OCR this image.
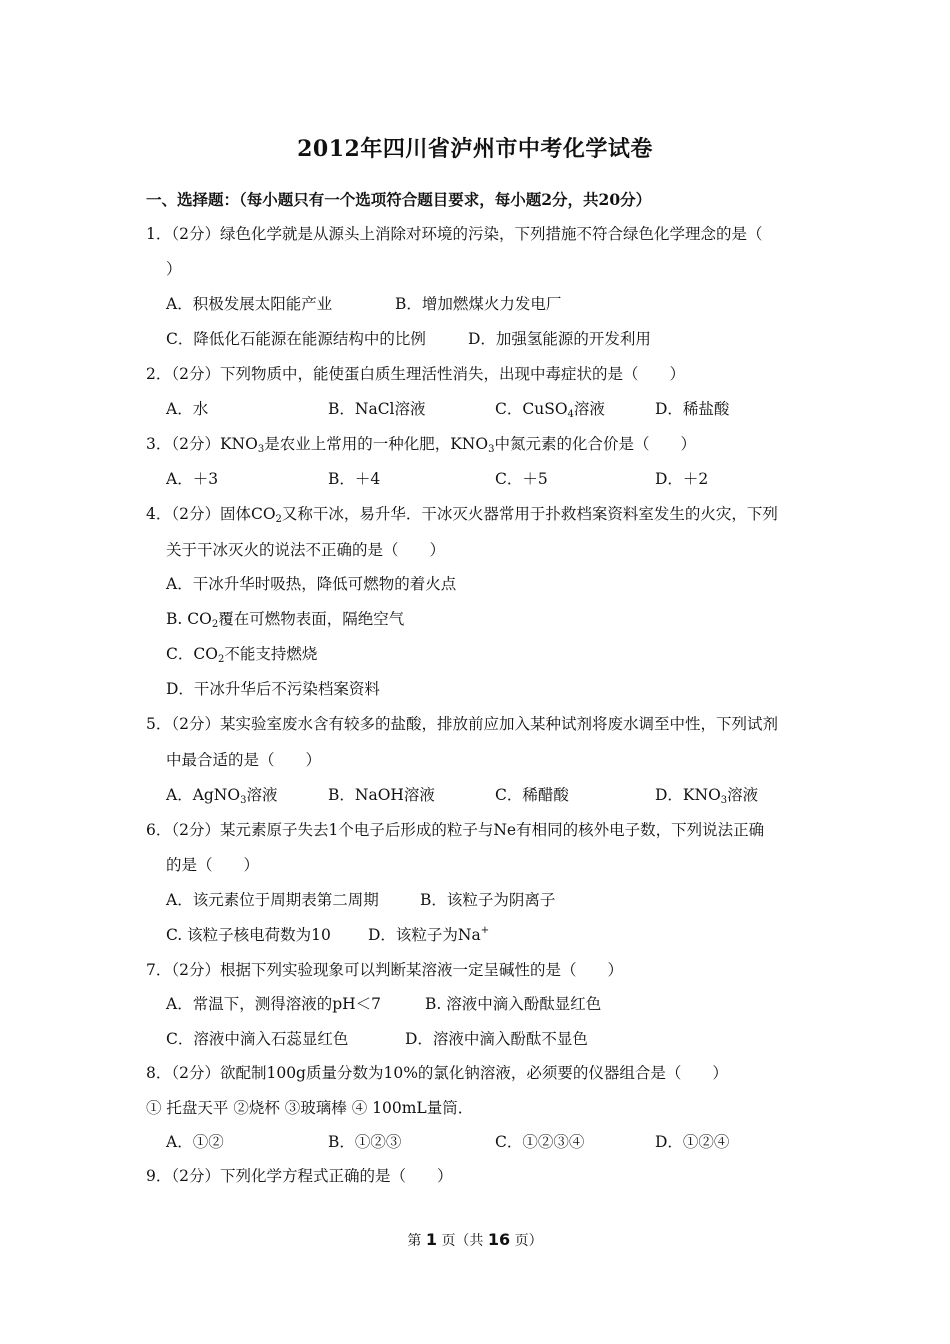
2012年四川省泸州市中考化学试卷
一、选择题：（每小题只有一个选项符合题目要求，每小题2分，共20分）
1．（2分）绿色化学就是从源头上消除对环境的污染，下列措施不符合绿色化学理念的是（
）
A．积极发展太阳能产业	B．增加燃煤火力发电厂
C．降低化石能源在能源结构中的比例	D．加强氢能源的开发利用
2．（2分）下列物质中，能使蛋白质生理活性消失，出现中毒症状的是（　　）
A．水	B．NaCl溶液	C．CuSO$_4$溶液	D．稀盐酸
3．（2分）$KNO_3$是农业上常用的一种化肥，$KNO_3$中氮元素的化合价是（　　）
A．＋3	B．＋4	C．＋5	D．＋2
4．（2分）固体$CO_2$又称干冰，易升华．干冰灭火器常用于扑救档案资料室发生的火灾，下列
关于干冰灭火的说法不正确的是（　　）
A．干冰升华时吸热，降低可燃物的着火点
B. $CO_2$覆在可燃物表面，隔绝空气
C．$CO_2$不能支持燃烧
D．干冰升华后不污染档案资料
5．（2分）某实验室废水含有较多的盐酸，排放前应加入某种试剂将废水调至中性，下列试剂
中最合适的是（　　）
A．AgNO$_3$溶液	B．NaOH溶液	C．稀醋酸	D．$KNO_3$溶液
6．（2分）某元素原子失去1个电子后形成的粒子与Ne有相同的核外电子数，下列说法正确
的是（　　）
A．该元素位于周期表第二周期	B．该粒子为阴离子
C. 该粒子核电荷数为10 D．该粒子为Na+
7．（2分）根据下列实验现象可以判断某溶液一定呈碱性的是（　　）
A．常温下，测得溶液的pH＜7	B. 溶液中滴入酚酞显红色
C．溶液中滴入石蕊显红色	D．溶液中滴入酚酞不显色
8．（2分）欲配制100g质量分数为10%的氯化钠溶液，必须要的仪器组合是（　　）
① 托盘天平 ②烧杯 ③玻璃棒 ④ 100mL量筒．
A．①②	B．①②③	C．①②③④	D．①②④
9．（2分）下列化学方程式正确的是（　　）
第 1 页（共 16 页）
